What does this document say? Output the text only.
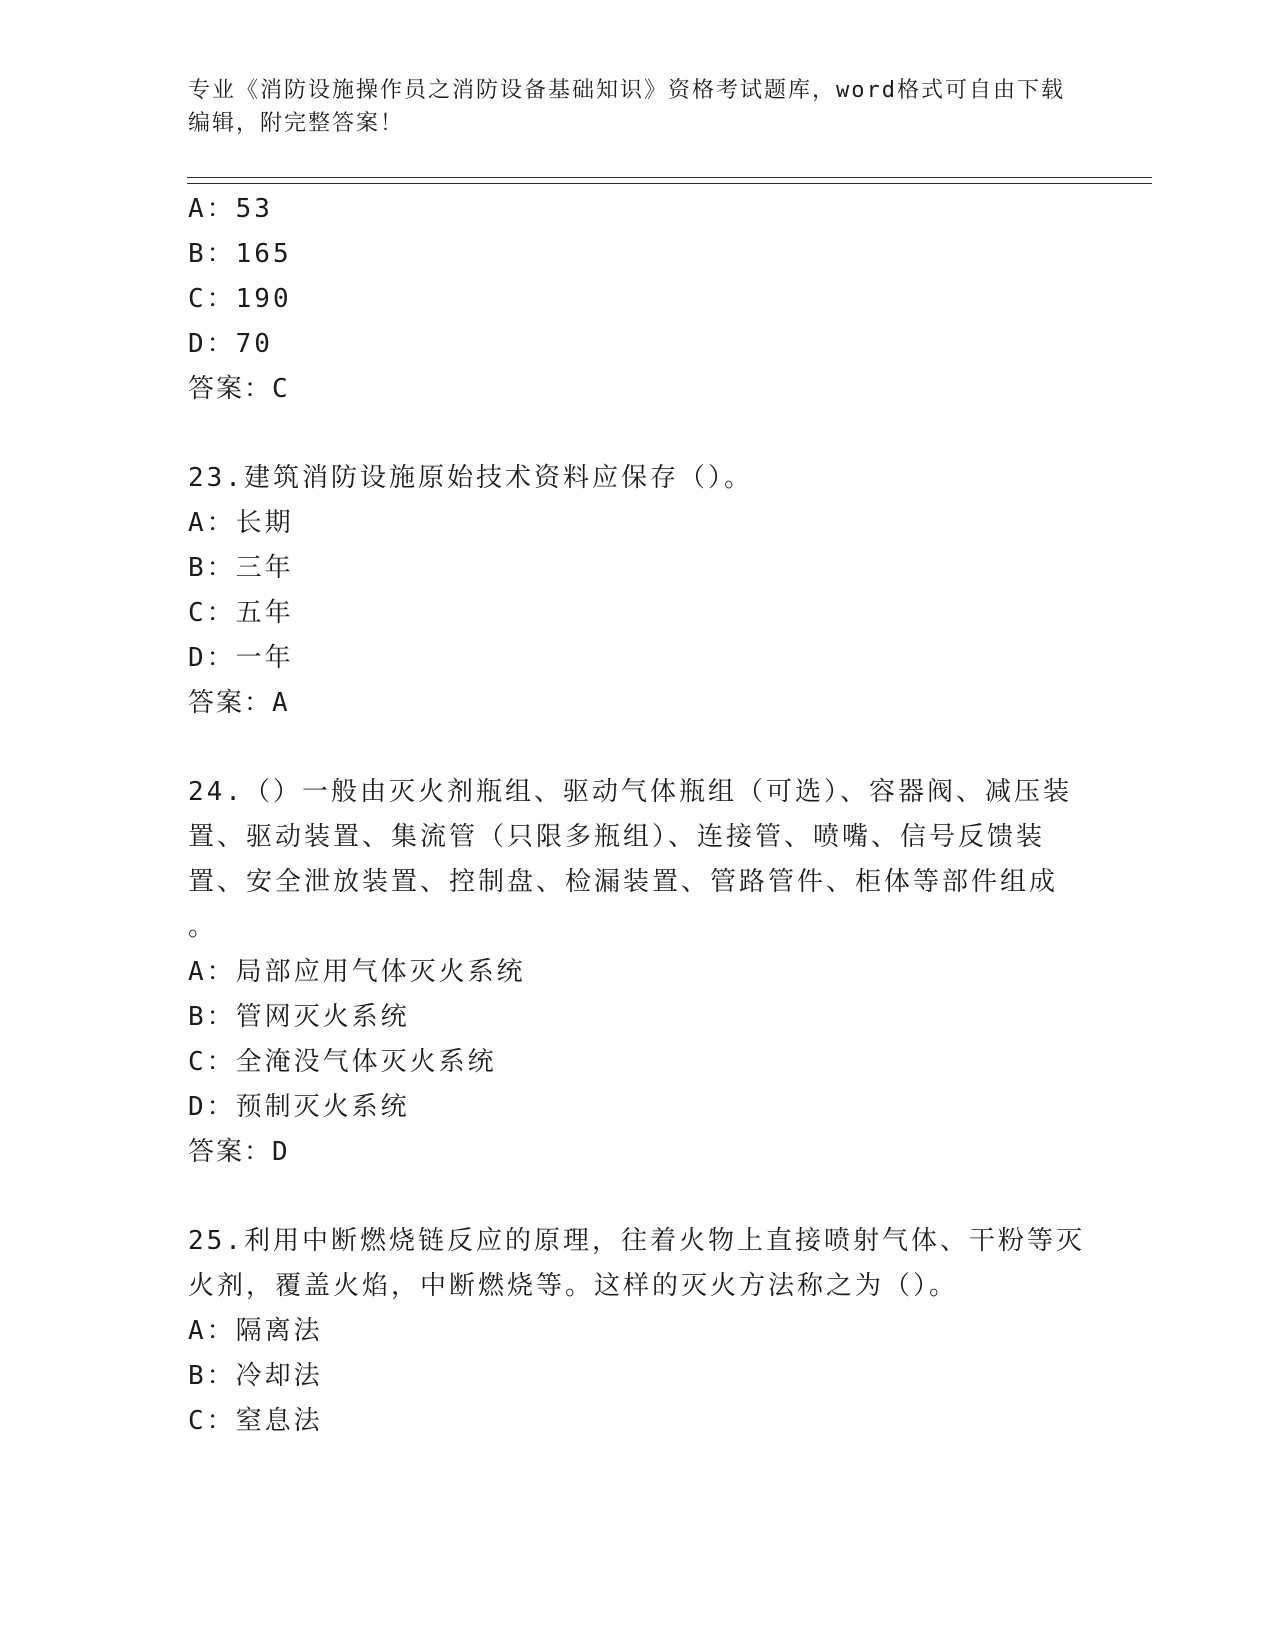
专业《消防设施操作员之消防设备基础知识》资格考试题库，word格式可自由下载编辑，附完整答案！
A：53
B：165
C：190
D：70
答案：C
23.建筑消防设施原始技术资料应保存（）。
A：长期
B：三年
C：五年
D：一年
答案：A
24.（）一般由灭火剂瓶组、驱动气体瓶组（可选）、容器阀、减压装
置、驱动装置、集流管（只限多瓶组）、连接管、喷嘴、信号反馈装
置、安全泄放装置、控制盘、检漏装置、管路管件、柜体等部件组成
。
A：局部应用气体灭火系统
B：管网灭火系统
C：全淹没气体灭火系统
D：预制灭火系统
答案：D
25.利用中断燃烧链反应的原理，往着火物上直接喷射气体、干粉等灭
火剂，覆盖火焰，中断燃烧等。这样的灭火方法称之为（）。
A：隔离法
B：冷却法
C：窒息法
